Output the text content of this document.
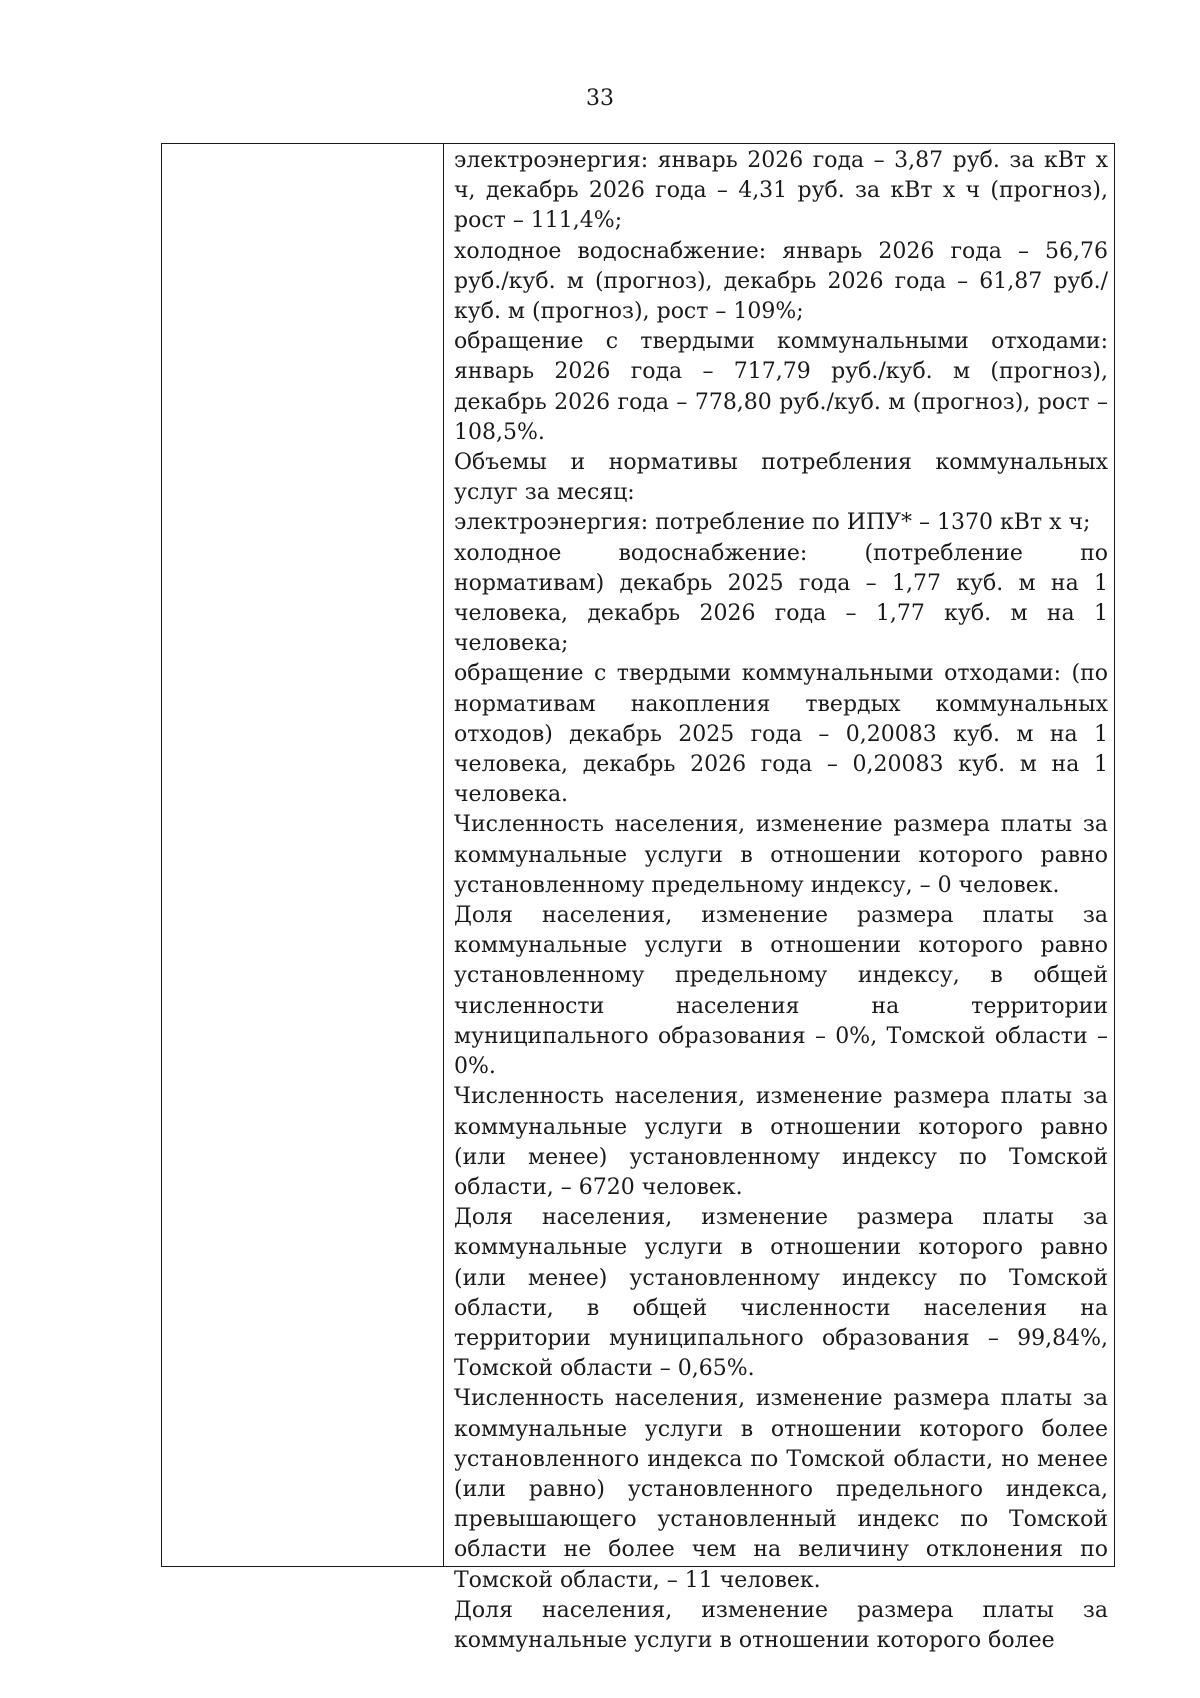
33

электроэнергия: январь 2026 года – 3,87 руб. за кВт х ч, декабрь 2026 года – 4,31 руб. за кВт х ч (прогноз), рост – 111,4%;

холодное водоснабжение: январь 2026 года – 56,76 руб./куб. м (прогноз), декабрь 2026 года – 61,87 руб./куб. м (прогноз), рост – 109%;

обращение с твердыми коммунальными отходами: январь 2026 года – 717,79 руб./куб. м (прогноз), декабрь 2026 года – 778,80 руб./куб. м (прогноз), рост – 108,5%.

Объемы и нормативы потребления коммунальных услуг за месяц:

электроэнергия: потребление по ИПУ* – 1370 кВт х ч;

холодное водоснабжение: (потребление по нормативам) декабрь 2025 года – 1,77 куб. м на 1 человека, декабрь 2026 года – 1,77 куб. м на 1 человека;

обращение с твердыми коммунальными отходами: (по нормативам накопления твердых коммунальных отходов) декабрь 2025 года – 0,20083 куб. м на 1 человека, декабрь 2026 года – 0,20083 куб. м на 1 человека.

Численность населения, изменение размера платы за коммунальные услуги в отношении которого равно установленному предельному индексу, – 0 человек.

Доля населения, изменение размера платы за коммунальные услуги в отношении которого равно установленному предельному индексу, в общей численности населения на территории муниципального образования – 0%, Томской области – 0%.

Численность населения, изменение размера платы за коммунальные услуги в отношении которого равно (или менее) установленному индексу по Томской области, – 6720 человек.

Доля населения, изменение размера платы за коммунальные услуги в отношении которого равно (или менее) установленному индексу по Томской области, в общей численности населения на территории муниципального образования – 99,84%, Томской области – 0,65%.

Численность населения, изменение размера платы за коммунальные услуги в отношении которого более установленного индекса по Томской области, но менее (или равно) установленного предельного индекса, превышающего установленный индекс по Томской области не более чем на величину отклонения по Томской области, – 11 человек.

Доля населения, изменение размера платы за коммунальные услуги в отношении которого более
